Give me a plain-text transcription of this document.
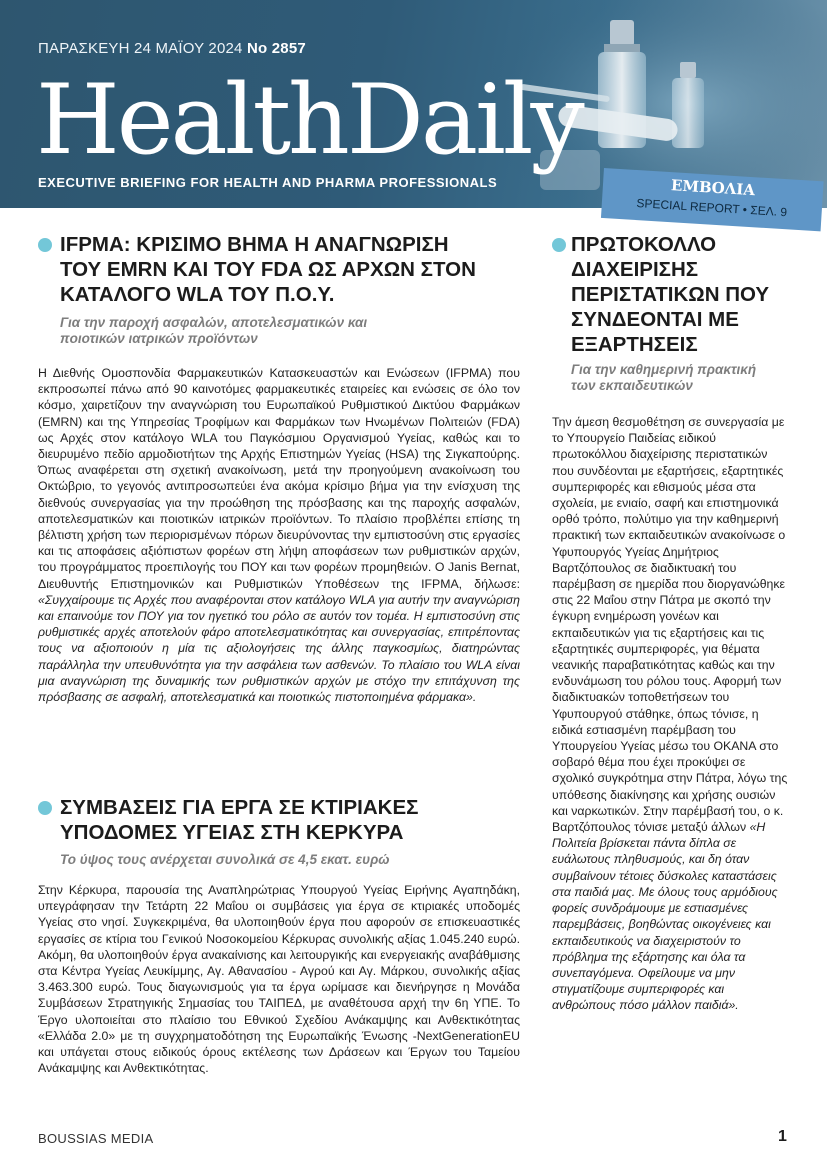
ΠΑΡΑΣΚΕΥΗ 24 ΜΑΪΟΥ 2024 No 2857
HealthDaily
EXECUTIVE BRIEFING FOR HEALTH AND PHARMA PROFESSIONALS	ΕΜΒΟΛΙΑ
SPECIAL REPORT • ΣΕΛ. 9
IFPMA: ΚΡΙΣΙΜΟ ΒΗΜΑ Η ΑΝΑΓΝΩΡΙΣΗ ΤΟΥ EMRN ΚΑΙ ΤΟΥ FDA ΩΣ ΑΡΧΩΝ ΣΤΟΝ ΚΑΤΑΛΟΓΟ WLA ΤΟΥ Π.Ο.Υ.
Για την παροχή ασφαλών, αποτελεσματικών και ποιοτικών ιατρικών προϊόντων
Η Διεθνής Ομοσπονδία Φαρμακευτικών Κατασκευαστών και Ενώσεων (IFPMA) που εκπροσωπεί πάνω από 90 καινοτόμες φαρμακευτικές εταιρείες και ενώσεις σε όλο τον κόσμο, χαιρετίζουν την αναγνώριση του Ευρωπαϊκού Ρυθμιστικού Δικτύου Φαρμάκων (EMRN) και της Υπηρεσίας Τροφίμων και Φαρμάκων των Ηνωμένων Πολιτειών (FDA) ως Αρχές στον κατάλογο WLA του Παγκόσμιου Οργανισμού Υγείας, καθώς και το διευρυμένο πεδίο αρμοδιοτήτων της Αρχής Επιστημών Υγείας (HSA) της Σιγκαπούρης. Όπως αναφέρεται στη σχετική ανακοίνωση, μετά την προηγούμενη ανακοίνωση του Οκτώβριο, το γεγονός αντιπροσωπεύει ένα ακόμα κρίσιμο βήμα για την ενίσχυση της διεθνούς συνεργασίας για την προώθηση της πρόσβασης και της παροχής ασφαλών, αποτελεσματικών και ποιοτικών ιατρικών προϊόντων. Το πλαίσιο προβλέπει επίσης τη βέλτιστη χρήση των περιορισμένων πόρων διευρύνοντας την εμπιστοσύνη στις εργασίες και τις αποφάσεις αξιόπιστων φορέων στη λήψη αποφάσεων των ρυθμιστικών αρχών, του προγράμματος προεπιλογής του ΠΟΥ και των φορέων προμηθειών. Ο Janis Bernat, Διευθυντής Επιστημονικών και Ρυθμιστικών Υποθέσεων της IFPMA, δήλωσε: «Συγχαίρουμε τις Αρχές που αναφέρονται στον κατάλογο WLA για αυτήν την αναγνώριση και επαινούμε τον ΠΟΥ για τον ηγετικό του ρόλο σε αυτόν τον τομέα. Η εμπιστοσύνη στις ρυθμιστικές αρχές αποτελούν φάρο αποτελεσματικότητας και συνεργασίας, επιτρέποντας τους να αξιοποιούν η μία τις αξιολογήσεις της άλλης παγκοσμίως, διατηρώντας παράλληλα την υπευθυνότητα για την ασφάλεια των ασθενών. Το πλαίσιο του WLA είναι μια αναγνώριση της δυναμικής των ρυθμιστικών αρχών με στόχο την επιτάχυνση της πρόσβασης σε ασφαλή, αποτελεσματικά και ποιοτικώς πιστοποιημένα φάρμακα».
ΣΥΜΒΑΣΕΙΣ ΓΙΑ ΕΡΓΑ ΣΕ ΚΤΙΡΙΑΚΕΣ ΥΠΟΔΟΜΕΣ ΥΓΕΙΑΣ ΣΤΗ ΚΕΡΚΥΡΑ
Το ύψος τους ανέρχεται συνολικά σε 4,5 εκατ. ευρώ
Στην Κέρκυρα, παρουσία της Αναπληρώτριας Υπουργού Υγείας Ειρήνης Αγαπηδάκη, υπεγράφησαν την Τετάρτη 22 Μαΐου οι συμβάσεις για έργα σε κτιριακές υποδομές Υγείας στο νησί. Συγκεκριμένα, θα υλοποιηθούν έργα που αφορούν σε επισκευαστικές εργασίες σε κτίρια του Γενικού Νοσοκομείου Κέρκυρας συνολικής αξίας 1.045.240 ευρώ. Ακόμη, θα υλοποιηθούν έργα ανακαίνισης και λειτουργικής και ενεργειακής αναβάθμισης στα Κέντρα Υγείας Λευκίμμης, Αγ. Αθανασίου - Αγρού και Αγ. Μάρκου, συνολικής αξίας 3.463.300 ευρώ. Τους διαγωνισμούς για τα έργα ωρίμασε και διενήργησε η Μονάδα Συμβάσεων Στρατηγικής Σημασίας του ΤΑΙΠΕΔ, με αναθέτουσα αρχή την 6η ΥΠΕ. Το Έργο υλοποιείται στο πλαίσιο του Εθνικού Σχεδίου Ανάκαμψης και Ανθεκτικότητας «Ελλάδα 2.0» με τη συγχρηματοδότηση της Ευρωπαϊκής Ένωσης -NextGenerationEU και υπάγεται στους ειδικούς όρους εκτέλεσης των Δράσεων και Έργων του Ταμείου Ανάκαμψης και Ανθεκτικότητας.
ΠΡΩΤΟΚΟΛΛΟ ΔΙΑΧΕΙΡΙΣΗΣ ΠΕΡΙΣΤΑΤΙΚΩΝ ΠΟΥ ΣΥΝΔΕΟΝΤΑΙ ΜΕ ΕΞΑΡΤΗΣΕΙΣ
Για την καθημερινή πρακτική των εκπαιδευτικών
Την άμεση θεσμοθέτηση σε συνεργασία με το Υπουργείο Παιδείας ειδικού πρωτοκόλλου διαχείρισης περιστατικών που συνδέονται με εξαρτήσεις, εξαρτητικές συμπεριφορές και εθισμούς μέσα στα σχολεία, με ενιαίο, σαφή και επιστημονικά ορθό τρόπο, πολύτιμο για την καθημερινή πρακτική των εκπαιδευτικών ανακοίνωσε ο Υφυπουργός Υγείας Δημήτριος Βαρτζόπουλος σε διαδικτυακή του παρέμβαση σε ημερίδα που διοργανώθηκε στις 22 Μαΐου στην Πάτρα με σκοπό την έγκυρη ενημέρωση γονέων και εκπαιδευτικών για τις εξαρτήσεις και τις εξαρτητικές συμπεριφορές, για θέματα νεανικής παραβατικότητας καθώς και την ενδυνάμωση του ρόλου τους. Αφορμή των διαδικτυακών τοποθετήσεων του Υφυπουργού στάθηκε, όπως τόνισε, η ειδικά εστιασμένη παρέμβαση του Υπουργείου Υγείας μέσω του ΟΚΑΝΑ στο σοβαρό θέμα που έχει προκύψει σε σχολικό συγκρότημα στην Πάτρα, λόγω της υπόθεσης διακίνησης και χρήσης ουσιών και ναρκωτικών. Στην παρέμβασή του, ο κ. Βαρτζόπουλος τόνισε μεταξύ άλλων «Η Πολιτεία βρίσκεται πάντα δίπλα σε ευάλωτους πληθυσμούς, και δη όταν συμβαίνουν τέτοιες δύσκολες καταστάσεις στα παιδιά μας. Με όλους τους αρμόδιους φορείς συνδράμουμε με εστιασμένες παρεμβάσεις, βοηθώντας οικογένειες και εκπαιδευτικούς να διαχειριστούν το πρόβλημα της εξάρτησης και όλα τα συνεπαγόμενα. Οφείλουμε να μην στιγματίζουμε συμπεριφορές και ανθρώπους πόσο μάλλον παιδιά».
BOUSSIAS MEDIA	1
